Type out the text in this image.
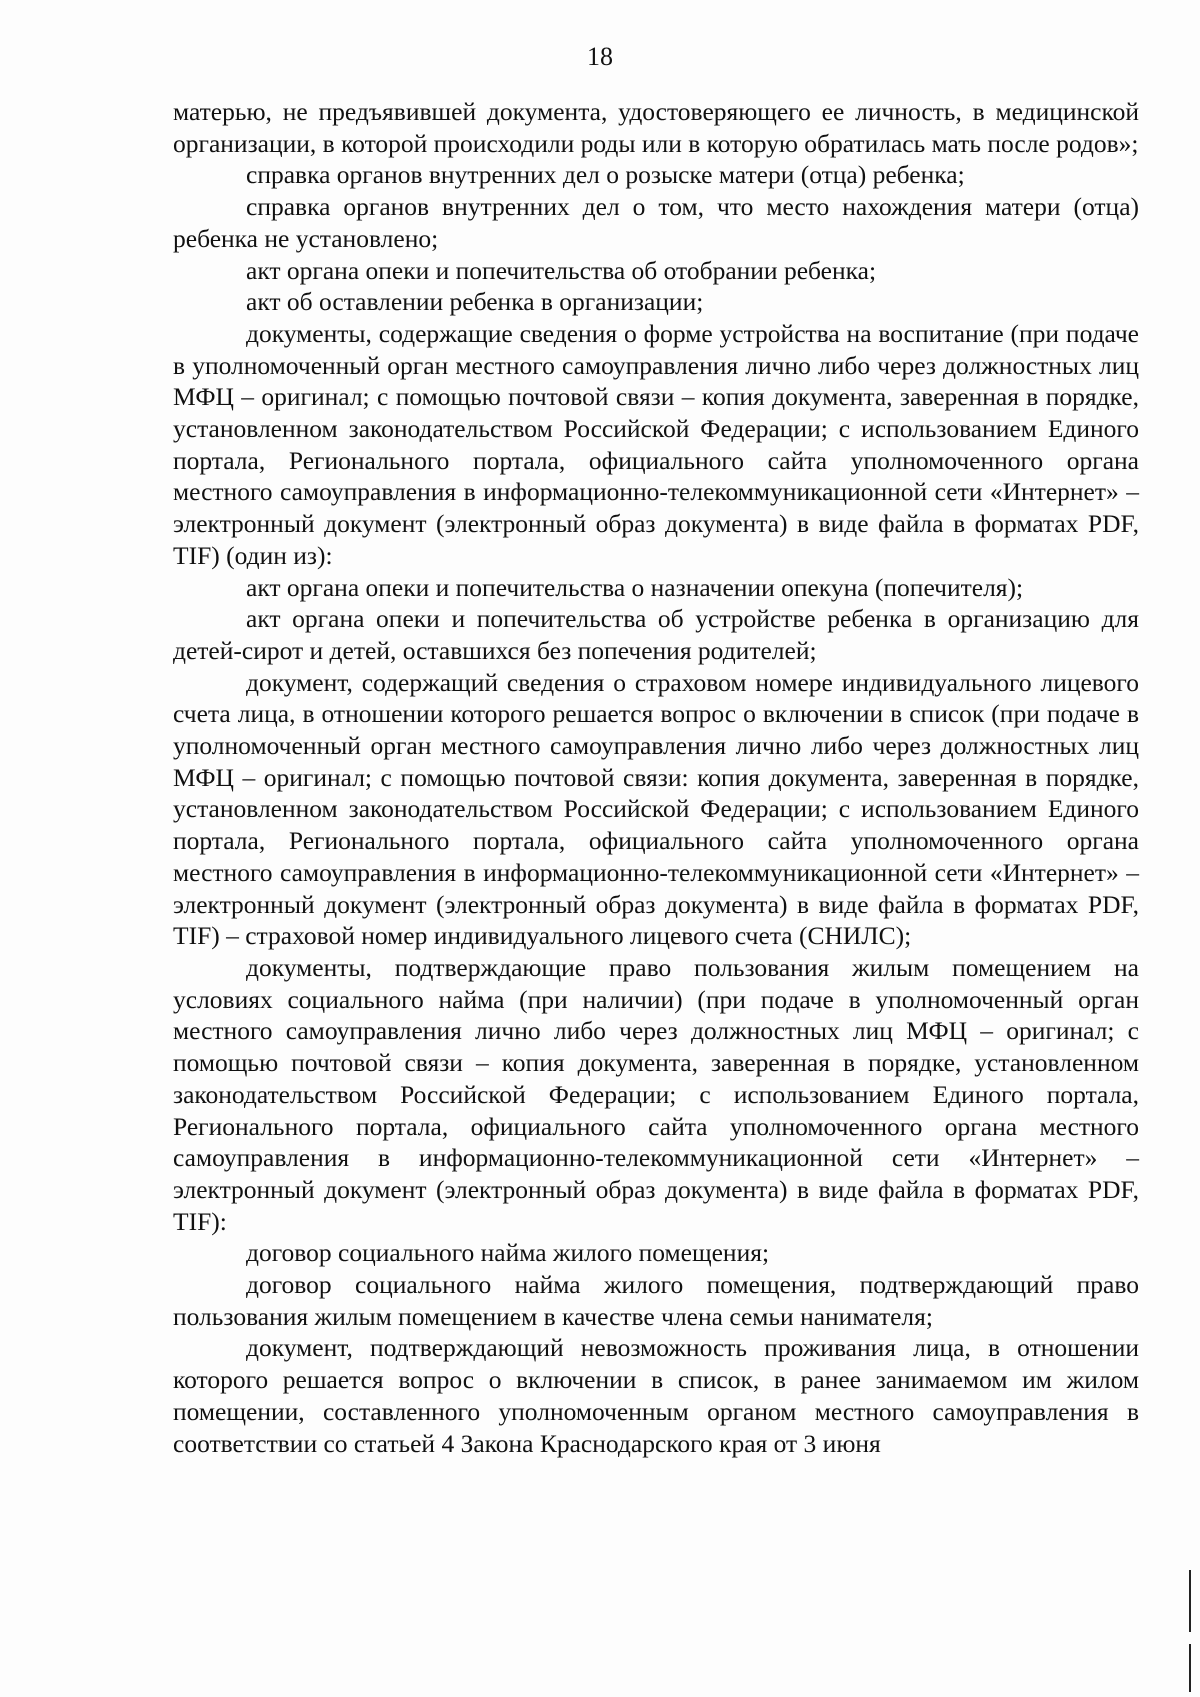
18

матерью, не предъявившей документа, удостоверяющего ее личность, в медицинской организации, в которой происходили роды или в которую обратилась мать после родов»;

справка органов внутренних дел о розыске матери (отца) ребенка;

справка органов внутренних дел о том, что место нахождения матери (отца) ребенка не установлено;

акт органа опеки и попечительства об отобрании ребенка;

акт об оставлении ребенка в организации;

документы, содержащие сведения о форме устройства на воспитание (при подаче в уполномоченный орган местного самоуправления лично либо через должностных лиц МФЦ – оригинал; с помощью почтовой связи – копия документа, заверенная в порядке, установленном законодательством Российской Федерации; с использованием Единого портала, Регионального портала, официального сайта уполномоченного органа местного самоуправления в информационно-телекоммуникационной сети «Интернет» – электронный документ (электронный образ документа) в виде файла в форматах PDF, TIF) (один из):

акт органа опеки и попечительства о назначении опекуна (попечителя);

акт органа опеки и попечительства об устройстве ребенка в организацию для детей-сирот и детей, оставшихся без попечения родителей;

документ, содержащий сведения о страховом номере индивидуального лицевого счета лица, в отношении которого решается вопрос о включении в список (при подаче в уполномоченный орган местного самоуправления лично либо через должностных лиц МФЦ – оригинал; с помощью почтовой связи: копия документа, заверенная в порядке, установленном законодательством Российской Федерации; с использованием Единого портала, Регионального портала, официального сайта уполномоченного органа местного самоуправления в информационно-телекоммуникационной сети «Интернет» – электронный документ (электронный образ документа) в виде файла в форматах PDF, TIF) – страховой номер индивидуального лицевого счета (СНИЛС);

документы, подтверждающие право пользования жилым помещением на условиях социального найма (при наличии) (при подаче в уполномоченный орган местного самоуправления лично либо через должностных лиц МФЦ – оригинал; с помощью почтовой связи – копия документа, заверенная в порядке, установленном законодательством Российской Федерации; с использованием Единого портала, Регионального портала, официального сайта уполномоченного органа местного самоуправления в информационно-телекоммуникационной сети «Интернет» – электронный документ (электронный образ документа) в виде файла в форматах PDF, TIF):

договор социального найма жилого помещения;

договор социального найма жилого помещения, подтверждающий право пользования жилым помещением в качестве члена семьи нанимателя;

документ, подтверждающий невозможность проживания лица, в отношении которого решается вопрос о включении в список, в ранее занимаемом им жилом помещении, составленного уполномоченным органом местного самоуправления в соответствии со статьей 4 Закона Краснодарского края от 3 июня
